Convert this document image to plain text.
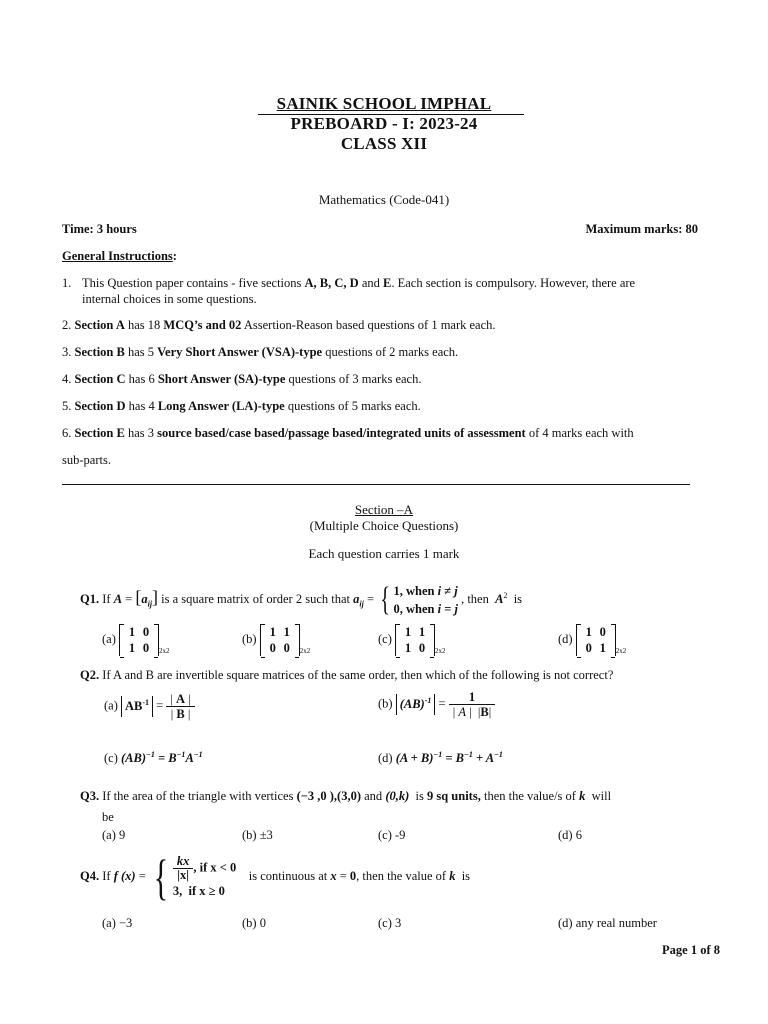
SAINIK SCHOOL IMPHAL
PREBOARD - I: 2023-24
CLASS XII
Mathematics (Code-041)
Time: 3 hours	Maximum marks: 80
General Instructions:
1. This Question paper contains - five sections A, B, C, D and E. Each section is compulsory. However, there are
internal choices in some questions.
2. Section A has 18 MCQ’s and 02 Assertion-Reason based questions of 1 mark each.
3. Section B has 5 Very Short Answer (VSA)-type questions of 2 marks each.
4. Section C has 6 Short Answer (SA)-type questions of 3 marks each.
5. Section D has 4 Long Answer (LA)-type questions of 5 marks each.
6. Section E has 3 source based/case based/passage based/integrated units of assessment of 4 marks each with
sub-parts.
Section –A
(Multiple Choice Questions)
Each question carries 1 mark
Q1. If $A = [a_{ij}]$ is a square matrix of order 2 such that $a_{ij}$ = { 1, when i ≠ j
0, when i = j , then $A^2$ is
(a)	1 0
1 0	$_{2x2}$
(b)	1 1
0 0	$_{2x2}$
(c)	1 1
1 0	$_{2x2}$
(d)	1 0
0 1	$_{2x2}$
Q2. If A and B are invertible square matrices of the same order, then which of the following is not correct?
(a) $AB^{-1} = \frac{| A |}{| B |}$	(b) $(AB)^{-1} = \frac{1}{| A | |B|}$
(c) $(AB)^{-1} = B^{-1}A^{-1}$	(d) $(A + B)^{-1} = B^{-1} + A^{-1}$
Q3. If the area of the triangle with vertices (−3 ,0 ),(3,0) and (0,k) is 9 sq units, then the value/s of k will
be
(a) 9	(b) ±3	(c) -9	(d) 6
Q4. If f (x) = { $\frac{kx}{|x|}$ , if x < 0
3,  if x ≥ 0    is continuous at x = 0, then the value of k is
(a) −3	(b) 0	(c) 3	(d) any real number
Page 1 of 8
